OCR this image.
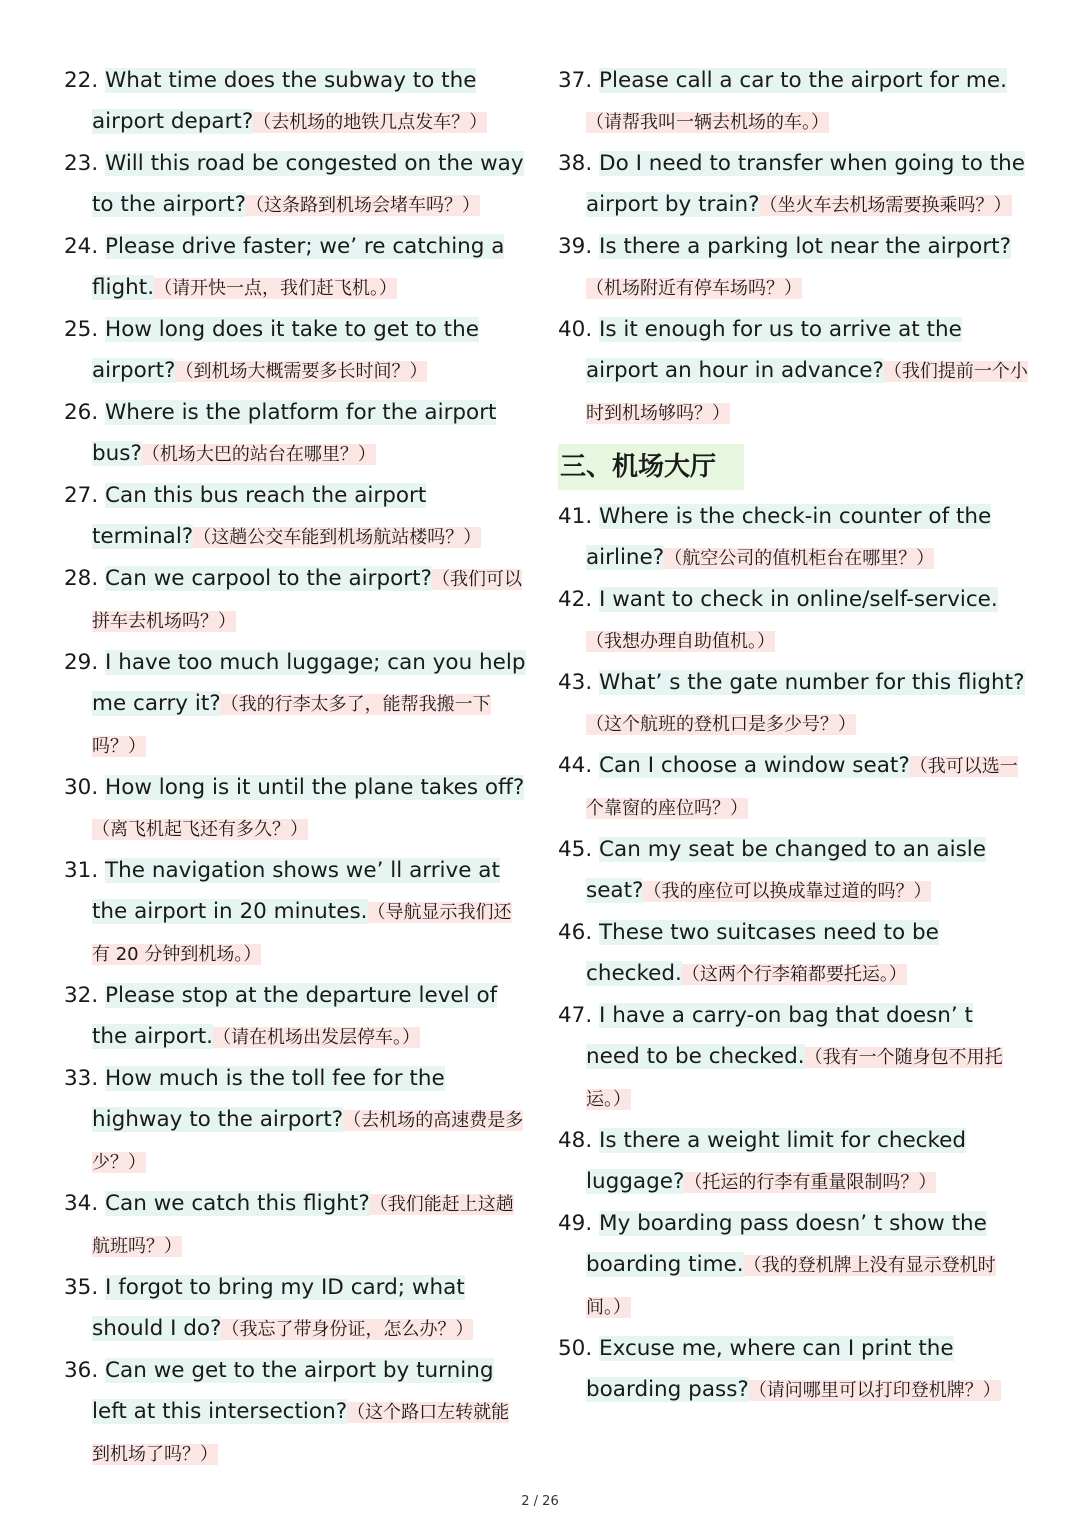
22. What time does the subway to the airport depart?（去机场的地铁几点发车？）
23. Will this road be congested on the way to the airport?（这条路到机场会堵车吗？）
24. Please drive faster; we’ re catching a flight.（请开快一点，我们赶飞机。）
25. How long does it take to get to the airport?（到机场大概需要多长时间？）
26. Where is the platform for the airport bus?（机场大巴的站台在哪里？）
27. Can this bus reach the airport terminal?（这趟公交车能到机场航站楼吗？）
28. Can we carpool to the airport?（我们可以拼车去机场吗？）
29. I have too much luggage; can you help me carry it?（我的行李太多了，能帮我搬一下吗？）
30. How long is it until the plane takes off?（离飞机起飞还有多久？）
31. The navigation shows we’ ll arrive at the airport in 20 minutes.（导航显示我们还有 20 分钟到机场。）
32. Please stop at the departure level of the airport.（请在机场出发层停车。）
33. How much is the toll fee for the highway to the airport?（去机场的高速费是多少？）
34. Can we catch this flight?（我们能赶上这趟航班吗？）
35. I forgot to bring my ID card; what should I do?（我忘了带身份证，怎么办？）
36. Can we get to the airport by turning left at this intersection?（这个路口左转就能到机场了吗？）
37. Please call a car to the airport for me.（请帮我叫一辆去机场的车。）
38. Do I need to transfer when going to the airport by train?（坐火车去机场需要换乘吗？）
39. Is there a parking lot near the airport?（机场附近有停车场吗？）
40. Is it enough for us to arrive at the airport an hour in advance?（我们提前一个小时到机场够吗？）
三、机场大厅
41. Where is the check-in counter of the airline?（航空公司的值机柜台在哪里？）
42. I want to check in online/self-service.（我想办理自助值机。）
43. What’ s the gate number for this flight?（这个航班的登机口是多少号？）
44. Can I choose a window seat?（我可以选一个靠窗的座位吗？）
45. Can my seat be changed to an aisle seat?（我的座位可以换成靠过道的吗？）
46. These two suitcases need to be checked.（这两个行李箱都要托运。）
47. I have a carry-on bag that doesn’ t need to be checked.（我有一个随身包不用托运。）
48. Is there a weight limit for checked luggage?（托运的行李有重量限制吗？）
49. My boarding pass doesn’ t show the boarding time.（我的登机牌上没有显示登机时间。）
50. Excuse me, where can I print the boarding pass?（请问哪里可以打印登机牌？）
2 / 26
